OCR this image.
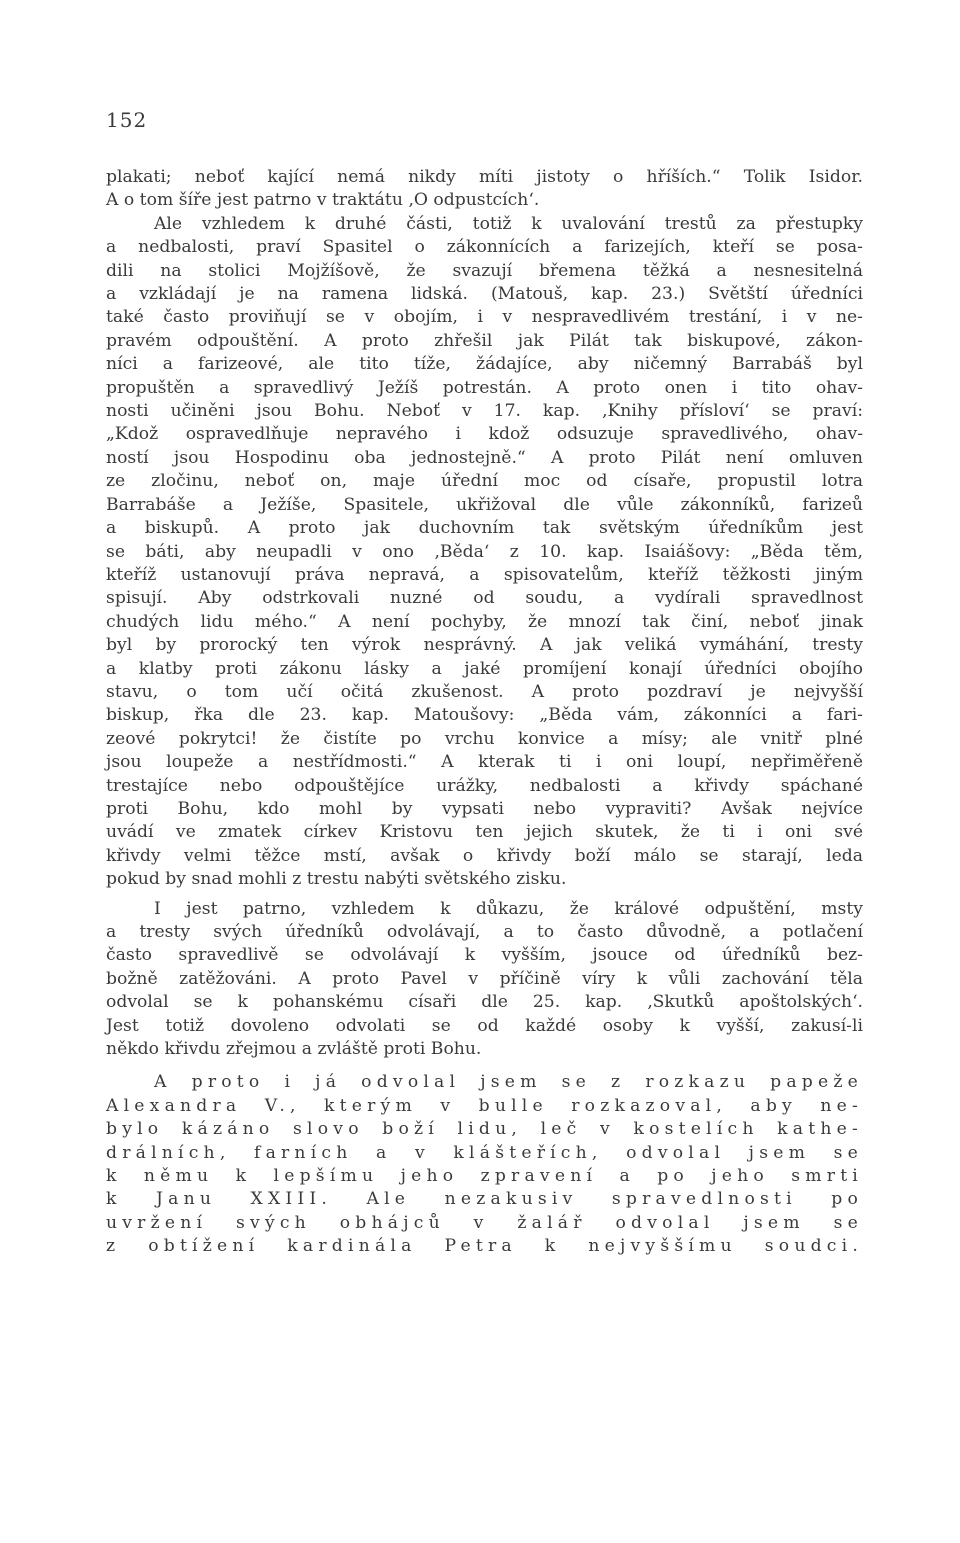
152

plakati; neboť kající nemá nikdy míti jistoty o hříších.“ Tolik Isidor.
A o tom šíře jest patrno v traktátu ‚O odpustcích‘.

Ale vzhledem k druhé části, totiž k uvalování trestů za přestupky
a nedbalosti, praví Spasitel o zákonnících a farizejích, kteří se posa-
dili na stolici Mojžíšově, že svazují břemena těžká a nesnesitelná
a vzkládají je na ramena lidská. (Matouš, kap. 23.) Světští úředníci
také často proviňují se v obojím, i v nespravedlivém trestání, i v ne-
pravém odpouštění. A proto zhřešil jak Pilát tak biskupové, zákon-
níci a farizeové, ale tito tíže, žádajíce, aby ničemný Barrabáš byl
propuštěn a spravedlivý Ježíš potrestán. A proto onen i tito ohav-
nosti učiněni jsou Bohu. Neboť v 17. kap. ‚Knihy přísloví‘ se praví:
„Kdož ospravedlňuje nepravého i kdož odsuzuje spravedlivého, ohav-
ností jsou Hospodinu oba jednostejně.“ A proto Pilát není omluven
ze zločinu, neboť on, maje úřední moc od císaře, propustil lotra
Barrabáše a Ježíše, Spasitele, ukřižoval dle vůle zákonníků, farizeů
a biskupů. A proto jak duchovním tak světským úředníkům jest
se báti, aby neupadli v ono ‚Běda‘ z 10. kap. Isaiášovy: „Běda těm,
kteříž ustanovují práva nepravá, a spisovatelům, kteříž těžkosti jiným
spisují. Aby odstrkovali nuzné od soudu, a vydírali spravedlnost
chudých lidu mého.“ A není pochyby, že mnozí tak činí, neboť jinak
byl by prorocký ten výrok nesprávný. A jak veliká vymáhání, tresty
a klatby proti zákonu lásky a jaké promíjení konají úředníci obojího
stavu, o tom učí očitá zkušenost. A proto pozdraví je nejvyšší
biskup, řka dle 23. kap. Matoušovy: „Běda vám, zákonníci a fari-
zeové pokrytci! že čistíte po vrchu konvice a mísy; ale vnitř plné
jsou loupeže a nestřídmosti.“ A kterak ti i oni loupí, nepřiměřeně
trestajíce nebo odpouštějíce urážky, nedbalosti a křivdy spáchané
proti Bohu, kdo mohl by vypsati nebo vypraviti? Avšak nejvíce
uvádí ve zmatek církev Kristovu ten jejich skutek, že ti i oni své
křivdy velmi těžce mstí, avšak o křivdy boží málo se starají, leda
pokud by snad mohli z trestu nabýti světského zisku.

I jest patrno, vzhledem k důkazu, že králové odpuštění, msty
a tresty svých úředníků odvolávají, a to často důvodně, a potlačení
často spravedlivě se odvolávají k vyšším, jsouce od úředníků bez-
božně zatěžováni. A proto Pavel v příčině víry k vůli zachování těla
odvolal se k pohanskému císaři dle 25. kap. ‚Skutků apoštolských‘.
Jest totiž dovoleno odvolati se od každé osoby k vyšší, zakusí-li
někdo křivdu zřejmou a zvláště proti Bohu.

A proto i já odvolal jsem se z rozkazu papeže
Alexandra V., kterým v bulle rozkazoval, aby ne-
bylo kázáno slovo boží lidu, leč v kostelích kathe-
drálních, farních a v klášteřích, odvolal jsem se
k němu k lepšímu jeho zpravení a po jeho smrti
k Janu XXIII. Ale nezakusiv spravedlnosti po
uvržení svých obhájců v žalář odvolal jsem se
z obtížení kardinála Petra k nejvyššímu soudci.
